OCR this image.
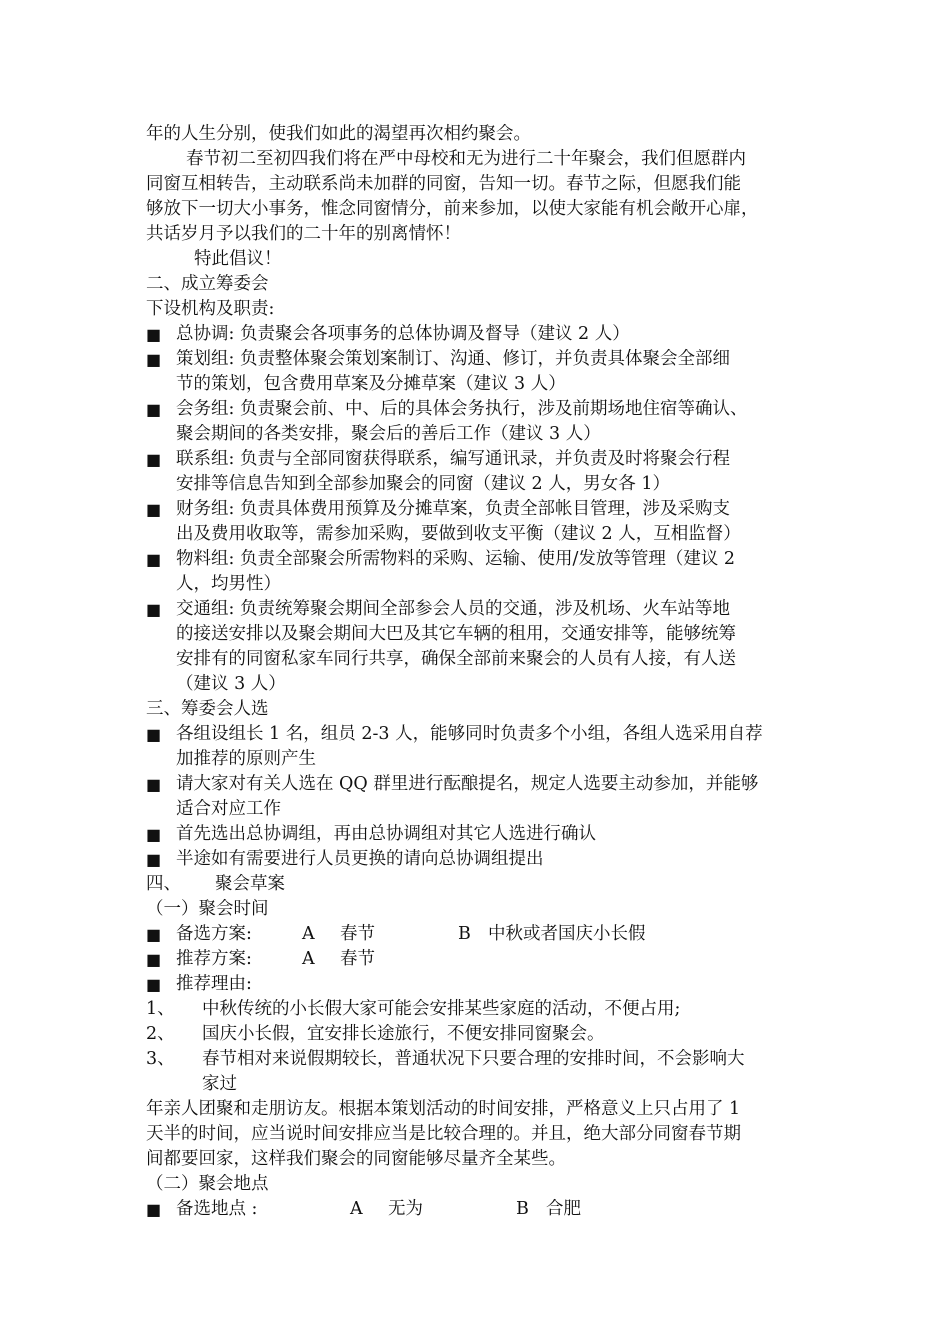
年的人生分别，使我们如此的渴望再次相约聚会。

春节初二至初四我们将在严中母校和无为进行二十年聚会，我们但愿群内

同窗互相转告，主动联系尚未加群的同窗，告知一切。春节之际，但愿我们能

够放下一切大小事务，惟念同窗情分，前来参加，以使大家能有机会敞开心扉，

共话岁月予以我们的二十年的别离情怀！

特此倡议！

二、成立筹委会

下设机构及职责:

■ 总协调: 负责聚会各项事务的总体协调及督导（建议 2 人）

■ 策划组: 负责整体聚会策划案制订、沟通、修订，并负责具体聚会全部细

节的策划，包含费用草案及分摊草案（建议 3 人）

■ 会务组: 负责聚会前、中、后的具体会务执行，涉及前期场地住宿等确认、

聚会期间的各类安排，聚会后的善后工作（建议 3 人）

■ 联系组: 负责与全部同窗获得联系，编写通讯录，并负责及时将聚会行程

安排等信息告知到全部参加聚会的同窗（建议 2 人，男女各 1）

■ 财务组: 负责具体费用预算及分摊草案，负责全部帐目管理，涉及采购支

出及费用收取等，需参加采购，要做到收支平衡（建议 2 人，互相监督）

■ 物料组: 负责全部聚会所需物料的采购、运输、使用/发放等管理（建议 2

人，均男性）

■ 交通组: 负责统筹聚会期间全部参会人员的交通，涉及机场、火车站等地

的接送安排以及聚会期间大巴及其它车辆的租用，交通安排等，能够统筹

安排有的同窗私家车同行共享，确保全部前来聚会的人员有人接，有人送

（建议 3 人）

三、筹委会人选

■ 各组设组长 1 名，组员 2-3 人，能够同时负责多个小组，各组人选采用自荐

加推荐的原则产生

■ 请大家对有关人选在 QQ 群里进行酝酿提名，规定人选要主动参加，并能够

适合对应工作

■ 首先选出总协调组，再由总协调组对其它人选进行确认

■ 半途如有需要进行人员更换的请向总协调组提出

四、 聚会草案

（一）聚会时间

■ 备选方案:	A 春节	B 中秋或者国庆小长假

■ 推荐方案:	A 春节

■ 推荐理由:

1、	中秋传统的小长假大家可能会安排某些家庭的活动，不便占用;

2、	国庆小长假，宜安排长途旅行，不便安排同窗聚会。

3、	春节相对来说假期较长，普通状况下只要合理的安排时间，不会影响大

家过

年亲人团聚和走朋访友。根据本策划活动的时间安排，严格意义上只占用了 1

天半的时间，应当说时间安排应当是比较合理的。并且，绝大部分同窗春节期

间都要回家，这样我们聚会的同窗能够尽量齐全某些。

（二）聚会地点

■ 备选地点 :	A 无为	B 合肥
